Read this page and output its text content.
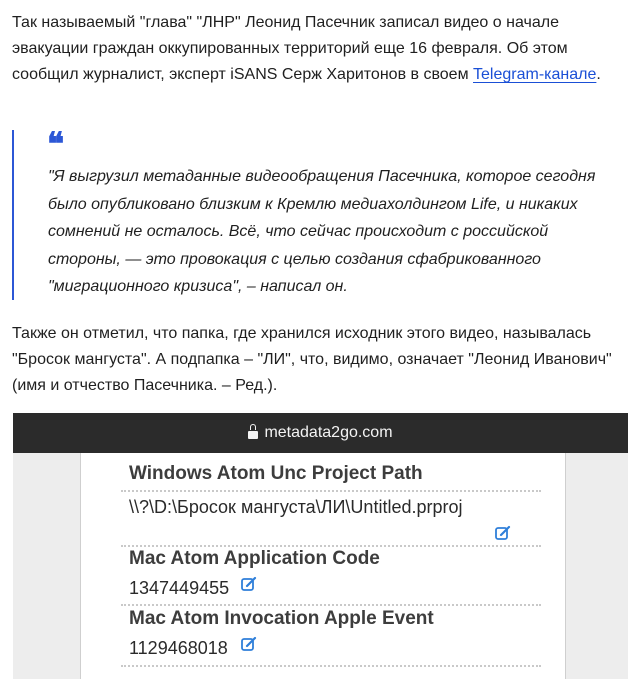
Так называемый "глава" "ЛНР" Леонид Пасечник записал видео о начале эвакуации граждан оккупированных территорий еще 16 февраля. Об этом сообщил журналист, эксперт iSANS Серж Харитонов в своем Telegram-канале.

❝

"Я выгрузил метаданные видеообращения Пасечника, которое сегодня было опубликовано близким к Кремлю медиахолдингом Life, и никаких сомнений не осталось. Всё, что сейчас происходит с российской стороны, — это провокация с целью создания сфабрикованного "миграционного кризиса", – написал он.

Также он отметил, что папка, где хранился исходник этого видео, называлась "Бросок мангуста". А подпапка – "ЛИ", что, видимо, означает "Леонид Иванович" (имя и отчество Пасечника. – Ред.).

metadata2go.com
Windows Atom Unc Project Path
\\?\D:\Бросок мангуста\ЛИ\Untitled.prproj
Mac Atom Application Code
1347449455
Mac Atom Invocation Apple Event
1129468018
